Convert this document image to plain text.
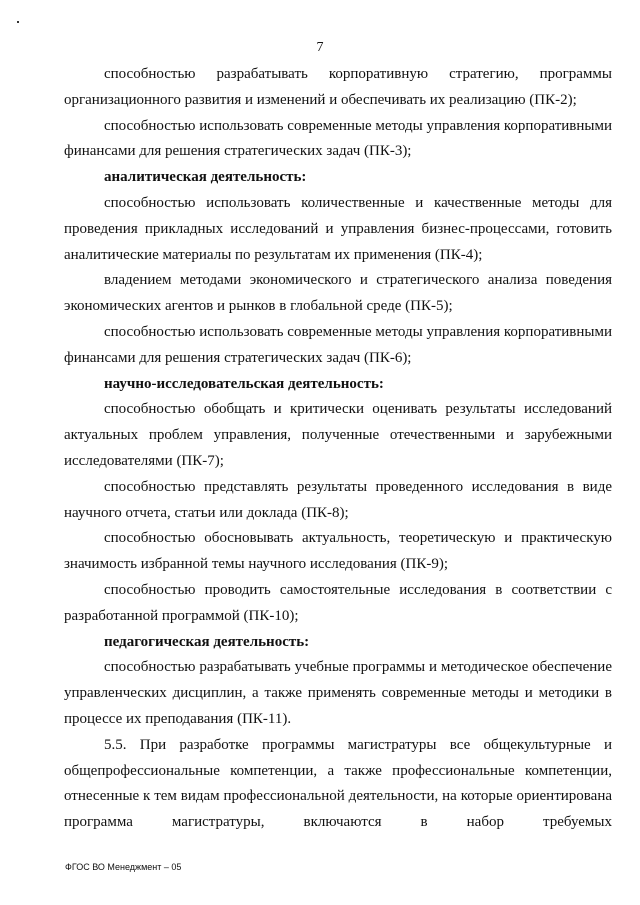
7

способностью разрабатывать корпоративную стратегию, программы организационного развития и изменений и обеспечивать их реализацию (ПК-2);

способностью использовать современные методы управления корпоративными финансами для решения стратегических задач (ПК-3);

аналитическая деятельность:

способностью использовать количественные и качественные методы для проведения прикладных исследований и управления бизнес-процессами, готовить аналитические материалы по результатам их применения (ПК-4);

владением методами экономического и стратегического анализа поведения экономических агентов и рынков в глобальной среде (ПК-5);

способностью использовать современные методы управления корпоративными финансами для решения стратегических задач (ПК-6);

научно-исследовательская деятельность:

способностью обобщать и критически оценивать результаты исследований актуальных проблем управления, полученные отечественными и зарубежными исследователями (ПК-7);

способностью представлять результаты проведенного исследования в виде научного отчета, статьи или доклада (ПК-8);

способностью обосновывать актуальность, теоретическую и практическую значимость избранной темы научного исследования (ПК-9);

способностью проводить самостоятельные исследования в соответствии с разработанной программой (ПК-10);

педагогическая деятельность:

способностью разрабатывать учебные программы и методическое обеспечение управленческих дисциплин, а также применять современные методы и методики в процессе их преподавания (ПК-11).

5.5. При разработке программы магистратуры все общекультурные и общепрофессиональные компетенции, а также профессиональные компетенции, отнесенные к тем видам профессиональной деятельности, на которые ориентирована программа магистратуры, включаются в набор требуемых

ФГОС ВО Менеджмент – 05
